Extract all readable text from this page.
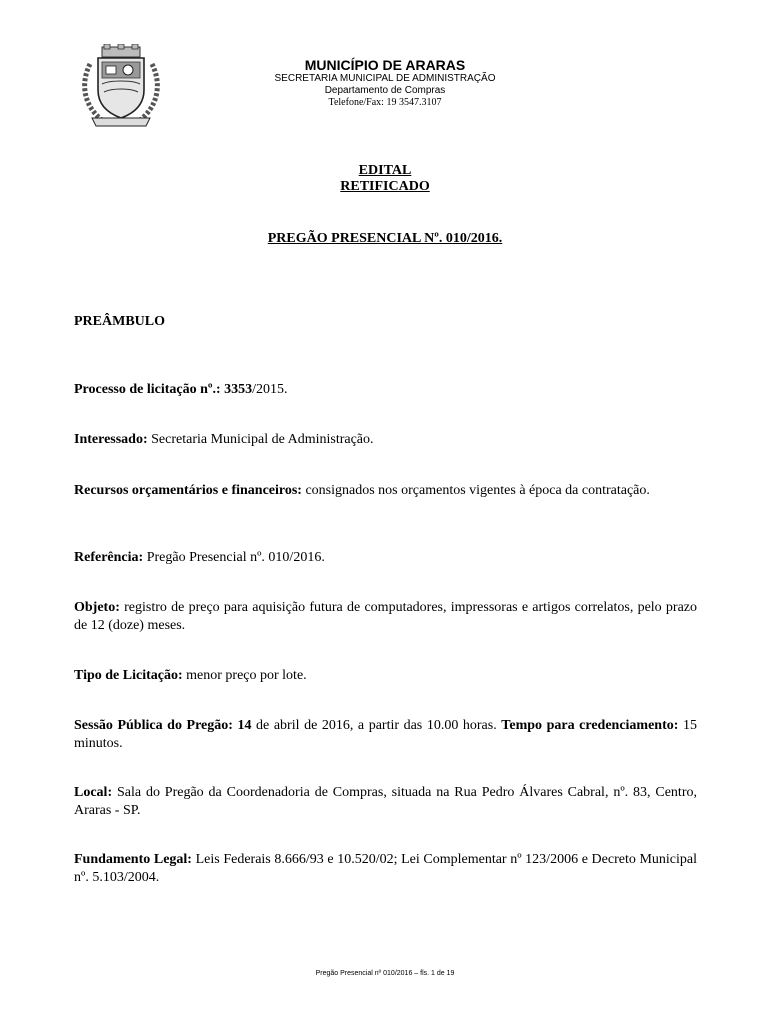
MUNICÍPIO DE ARARAS
SECRETARIA MUNICIPAL DE ADMINISTRAÇÃO
Departamento de Compras
Telefone/Fax: 19 3547.3107
EDITAL
RETIFICADO
PREGÃO PRESENCIAL Nº. 010/2016.
PREÂMBULO
Processo de licitação nº.: 3353/2015.
Interessado: Secretaria Municipal de Administração.
Recursos orçamentários e financeiros: consignados nos orçamentos vigentes à época da contratação.
Referência: Pregão Presencial nº. 010/2016.
Objeto: registro de preço para aquisição futura de computadores, impressoras e artigos correlatos, pelo prazo de 12 (doze) meses.
Tipo de Licitação: menor preço por lote.
Sessão Pública do Pregão: 14 de abril de 2016, a partir das 10.00 horas. Tempo para credenciamento: 15 minutos.
Local: Sala do Pregão da Coordenadoria de Compras, situada na Rua Pedro Álvares Cabral, nº. 83, Centro, Araras - SP.
Fundamento Legal: Leis Federais 8.666/93 e 10.520/02; Lei Complementar nº 123/2006 e Decreto Municipal nº. 5.103/2004.
Pregão Presencial nº 010/2016 – fls. 1 de 19
